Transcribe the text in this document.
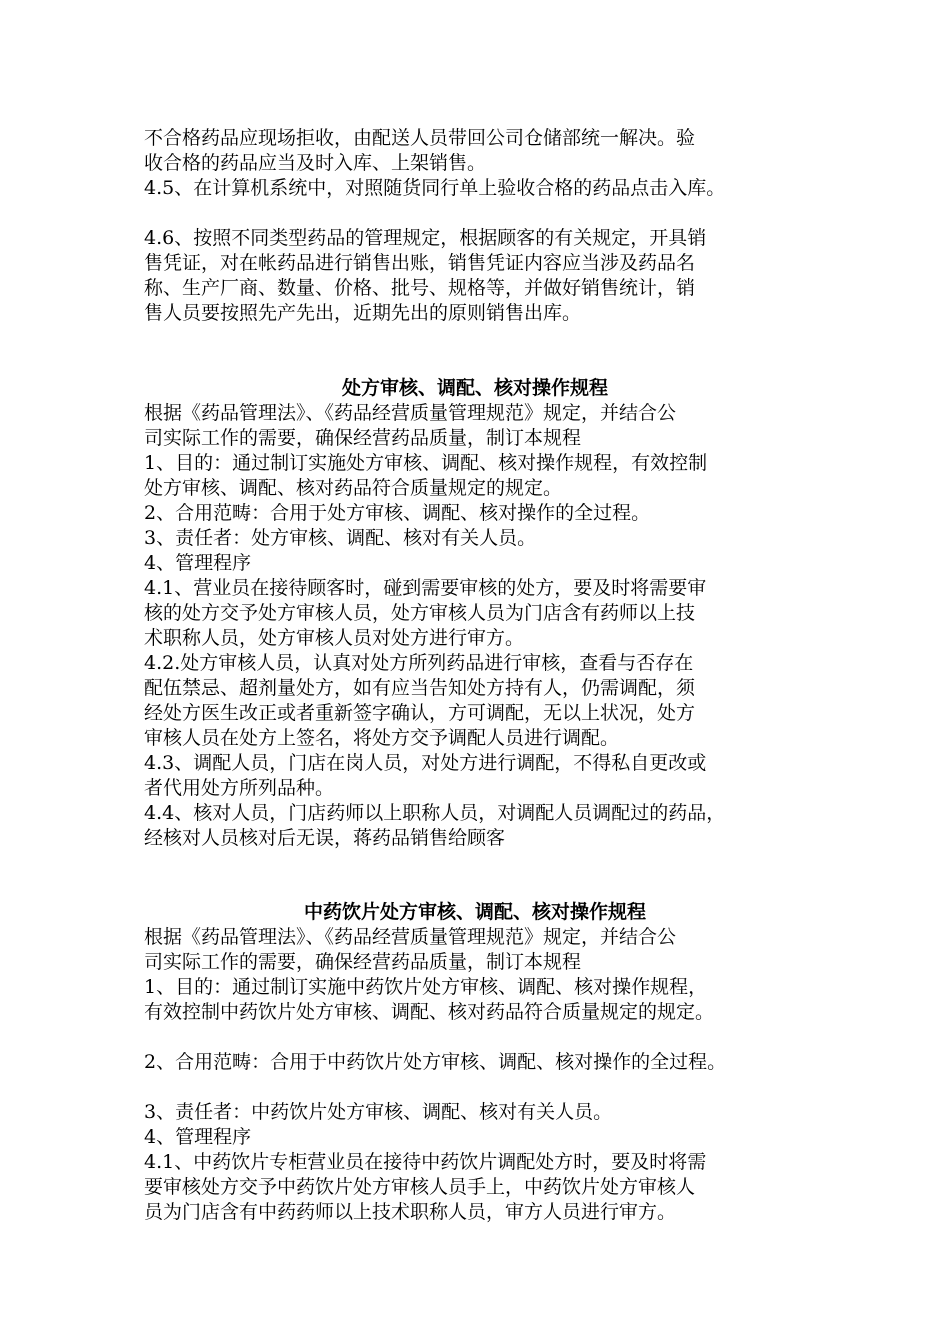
不合格药品应现场拒收，由配送人员带回公司仓储部统一解决。验
收合格的药品应当及时入库、上架销售。
4.5、在计算机系统中，对照随货同行单上验收合格的药品点击入库。
4.6、按照不同类型药品的管理规定，根据顾客的有关规定，开具销
售凭证，对在帐药品进行销售出账，销售凭证内容应当涉及药品名
称、生产厂商、数量、价格、批号、规格等，并做好销售统计，销
售人员要按照先产先出，近期先出的原则销售出库。
处方审核、调配、核对操作规程
根据《药品管理法》、《药品经营质量管理规范》规定，并结合公
司实际工作的需要，确保经营药品质量，制订本规程
1、目的：通过制订实施处方审核、调配、核对操作规程，有效控制
处方审核、调配、核对药品符合质量规定的规定。
2、合用范畴：合用于处方审核、调配、核对操作的全过程。
3、责任者：处方审核、调配、核对有关人员。
4、管理程序
4.1、营业员在接待顾客时，碰到需要审核的处方，要及时将需要审
核的处方交予处方审核人员，处方审核人员为门店含有药师以上技
术职称人员，处方审核人员对处方进行审方。
4.2.处方审核人员，认真对处方所列药品进行审核，查看与否存在
配伍禁忌、超剂量处方，如有应当告知处方持有人，仍需调配，须
经处方医生改正或者重新签字确认，方可调配，无以上状况，处方
审核人员在处方上签名，将处方交予调配人员进行调配。
4.3、调配人员，门店在岗人员，对处方进行调配，不得私自更改或
者代用处方所列品种。
4.4、核对人员，门店药师以上职称人员，对调配人员调配过的药品，
经核对人员核对后无误，蒋药品销售给顾客
中药饮片处方审核、调配、核对操作规程
根据《药品管理法》、《药品经营质量管理规范》规定，并结合公
司实际工作的需要，确保经营药品质量，制订本规程
1、目的：通过制订实施中药饮片处方审核、调配、核对操作规程，
有效控制中药饮片处方审核、调配、核对药品符合质量规定的规定。
2、合用范畴：合用于中药饮片处方审核、调配、核对操作的全过程。
3、责任者：中药饮片处方审核、调配、核对有关人员。
4、管理程序
4.1、中药饮片专柜营业员在接待中药饮片调配处方时，要及时将需
要审核处方交予中药饮片处方审核人员手上，中药饮片处方审核人
员为门店含有中药药师以上技术职称人员，审方人员进行审方。
